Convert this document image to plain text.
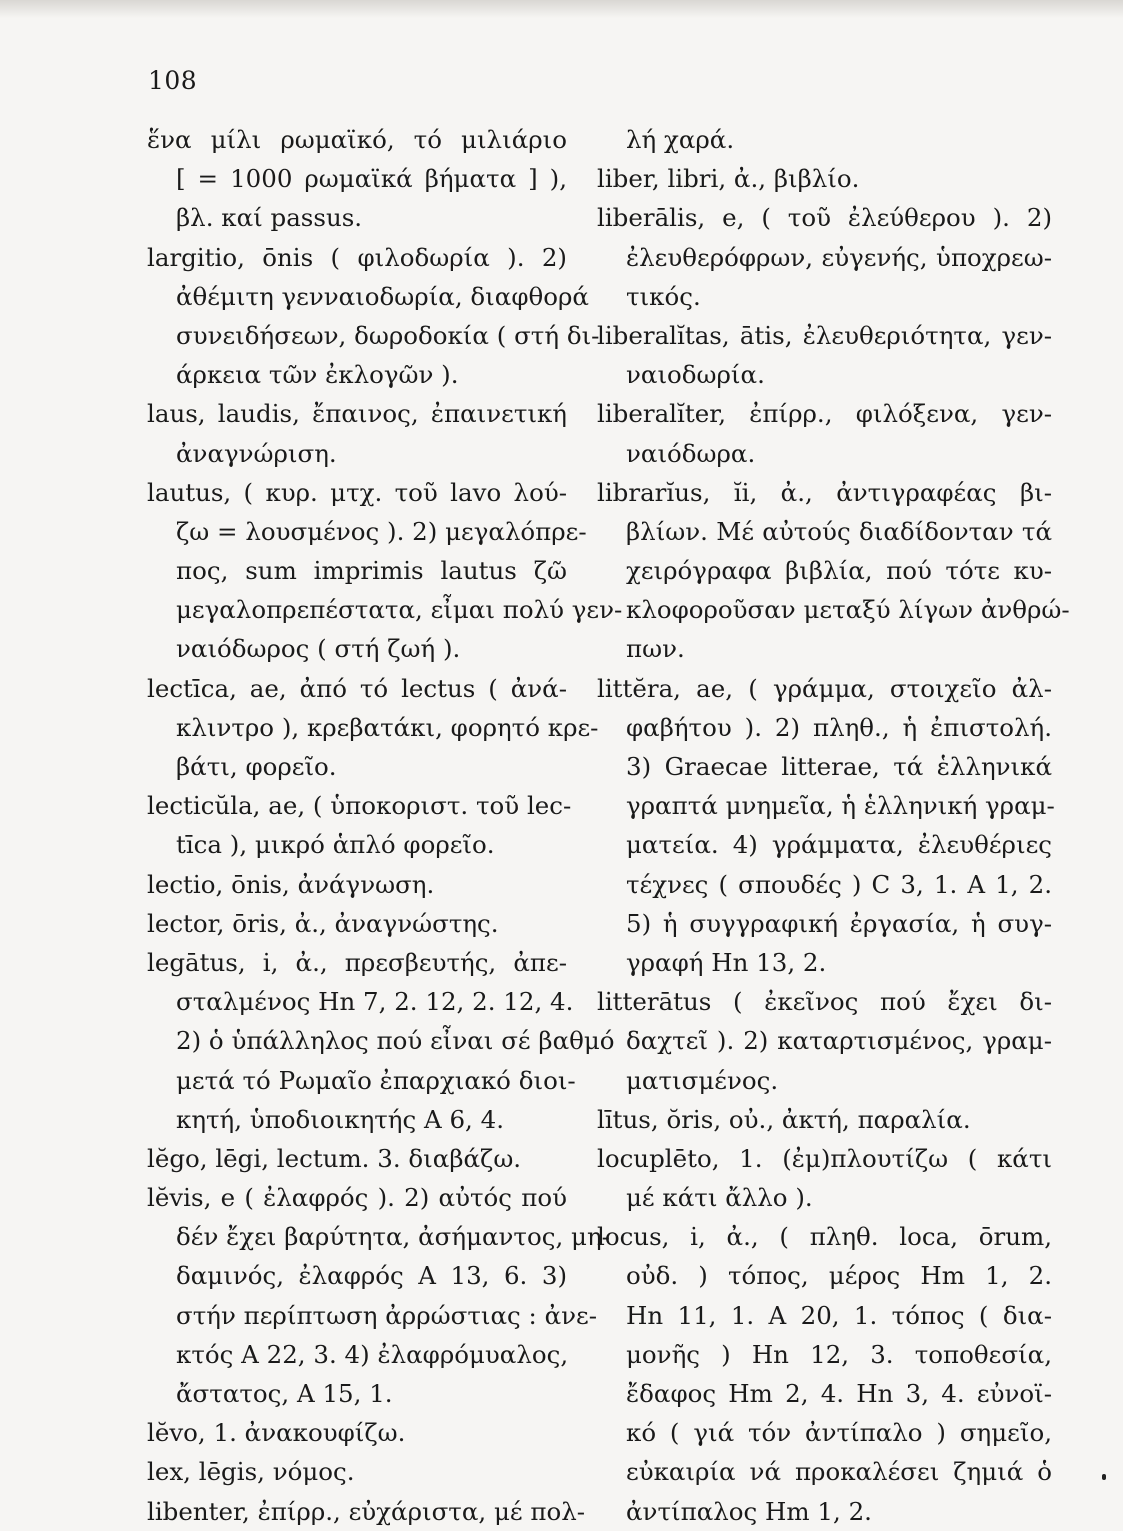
108
ἕνα μίλι ρωμαϊκό, τό μιλιάριο
[ = 1000 ρωμαϊκά βήματα ] ),
βλ. καί passus.
largitio, ōnis ( φιλοδωρία ). 2)
ἀθέμιτη γενναιοδωρία, διαφθορά
συνειδήσεων, δωροδοκία ( στή δι-
άρκεια τῶν ἐκλογῶν ).
laus, laudis, ἔπαινος, ἐπαινετική
ἀναγνώριση.
lautus, ( κυρ. μτχ. τοῦ lavo λού-
ζω = λουσμένος ). 2) μεγαλόπρε-
πος, sum imprimis lautus ζῶ
μεγαλοπρεπέστατα, εἶμαι πολύ γεν-
ναιόδωρος ( στή ζωή ).
lectīca, ae, ἀπό τό lectus ( ἀνά-
κλιντρο ), κρεβατάκι, φορητό κρε-
βάτι, φορεῖο.
lecticŭla, ae, ( ὑποκοριστ. τοῦ lec-
tīca ), μικρό ἁπλό φορεῖο.
lectio, ōnis, ἀνάγνωση.
lector, ōris, ἀ., ἀναγνώστης.
legātus, i, ἀ., πρεσβευτής, ἀπε-
σταλμένος Hn 7, 2. 12, 2. 12, 4.
2) ὁ ὑπάλληλος πού εἶναι σέ βαθμό
μετά τό Ρωμαῖο ἐπαρχιακό διοι-
κητή, ὑποδιοικητής A 6, 4.
lĕgo, lēgi, lectum. 3. διαβάζω.
lĕvis, e ( ἐλαφρός ). 2) αὐτός πού
δέν ἔχει βαρύτητα, ἀσήμαντος, μη-
δαμινός, ἐλαφρός A 13, 6. 3)
στήν περίπτωση ἀρρώστιας : ἀνε-
κτός A 22, 3. 4) ἐλαφρόμυαλος,
ἄστατος, A 15, 1.
lĕvo, 1. ἀνακουφίζω.
lex, lēgis, νόμος.
libenter, ἐπίρρ., εὐχάριστα, μέ πολ-
λή χαρά.
liber, libri, ἀ., βιβλίο.
liberālis, e, ( τοῦ ἐλεύθερου ). 2)
ἐλευθερόφρων, εὐγενής, ὑποχρεω-
τικός.
liberalĭtas, ātis, ἐλευθεριότητα, γεν-
ναιοδωρία.
liberalĭter, ἐπίρρ., φιλόξενα, γεν-
ναιόδωρα.
librarĭus, ĭi, ἀ., ἀντιγραφέας βι-
βλίων. Μέ αὐτούς διαδίδονταν τά
χειρόγραφα βιβλία, πού τότε κυ-
κλοφοροῦσαν μεταξύ λίγων ἀνθρώ-
πων.
littĕra, ae, ( γράμμα, στοιχεῖο ἀλ-
φαβήτου ). 2) πληθ., ἡ ἐπιστολή.
3) Graecae litterae, τά ἑλληνικά
γραπτά μνημεῖα, ἡ ἑλληνική γραμ-
ματεία. 4) γράμματα, ἐλευθέριες
τέχνες ( σπουδές ) C 3, 1. A 1, 2.
5) ἡ συγγραφική ἐργασία, ἡ συγ-
γραφή Hn 13, 2.
litterātus ( ἐκεῖνος πού ἔχει δι-
δαχτεῖ ). 2) καταρτισμένος, γραμ-
ματισμένος.
lītus, ŏris, οὐ., ἀκτή, παραλία.
locuplēto, 1. (ἐμ)πλουτίζω ( κάτι
μέ κάτι ἄλλο ).
locus, i, ἀ., ( πληθ. loca, ōrum,
οὐδ. ) τόπος, μέρος Hm 1, 2.
Hn 11, 1. A 20, 1. τόπος ( δια-
μονῆς ) Hn 12, 3. τοποθεσία,
ἔδαφος Hm 2, 4. Hn 3, 4. εὐνοϊ-
κό ( γιά τόν ἀντίπαλο ) σημεῖο,
εὐκαιρία νά προκαλέσει ζημιά ὁ
ἀντίπαλος Hm 1, 2.
